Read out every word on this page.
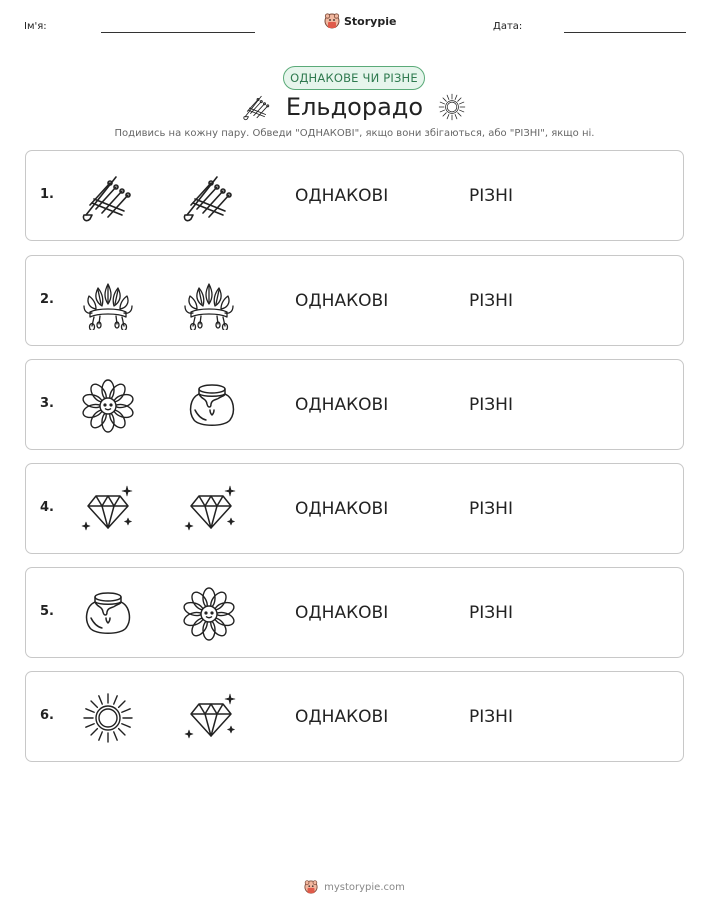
Ім'я:	Storypie	Дата:
ОДНАКОВЕ ЧИ РІЗНЕ
Ельдорадо
Подивись на кожну пару. Обведи "ОДНАКОВІ", якщо вони збігаються, або "РІЗНІ", якщо ні.
1.	ОДНАКОВІ	РІЗНІ
2.	ОДНАКОВІ	РІЗНІ
3.	ОДНАКОВІ	РІЗНІ
4.	ОДНАКОВІ	РІЗНІ
5.	ОДНАКОВІ	РІЗНІ
6.	ОДНАКОВІ	РІЗНІ
mystorypie.com
